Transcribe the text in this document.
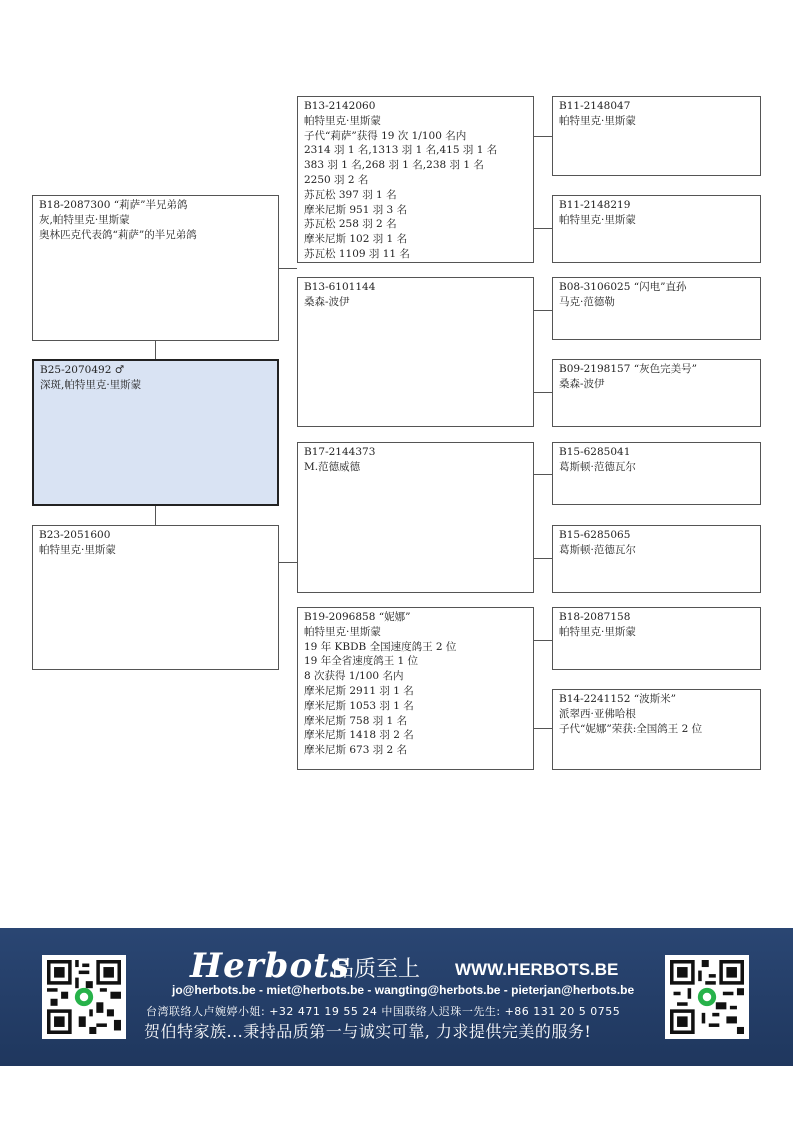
B18-2087300 “莉萨”半兄弟鸽
灰,帕特里克·里斯蒙
奥林匹克代表鸽“莉萨”的半兄弟鸽
B25-2070492 ♂
深斑,帕特里克·里斯蒙
B23-2051600
帕特里克·里斯蒙
B13-2142060
帕特里克·里斯蒙
子代“莉萨”获得 19 次 1/100 名内
2314 羽 1 名,1313 羽 1 名,415 羽 1 名
383 羽 1 名,268 羽 1 名,238 羽 1 名
2250 羽 2 名
苏瓦松 397 羽 1 名
摩米尼斯 951 羽 3 名
苏瓦松 258 羽 2 名
摩米尼斯 102 羽 1 名
苏瓦松 1109 羽 11 名
B13-6101144
桑森-波伊
B17-2144373
M.范德威德
B19-2096858 “妮娜”
帕特里克·里斯蒙
19 年 KBDB 全国速度鸽王 2 位
19 年全省速度鸽王 1 位
8 次获得 1/100 名内
摩米尼斯 2911 羽 1 名
摩米尼斯 1053 羽 1 名
摩米尼斯 758 羽 1 名
摩米尼斯 1418 羽 2 名
摩米尼斯 673 羽 2 名
B11-2148047
帕特里克·里斯蒙
B11-2148219
帕特里克·里斯蒙
B08-3106025 “闪电”直孙
马克·范德勒
B09-2198157 “灰色完美号”
桑森-波伊
B15-6285041
葛斯顿·范德瓦尔
B15-6285065
葛斯顿·范德瓦尔
B18-2087158
帕特里克·里斯蒙
B14-2241152 “波斯米”
派翠西·亚佛哈根
子代“妮娜”荣获:全国鸽王 2 位
Herbots
品质至上 WWW.HERBOTS.BE
jo@herbots.be - miet@herbots.be - wangting@herbots.be - pieterjan@herbots.be
台湾联络人卢婉婷小姐: +32 471 19 55 24 中国联络人迟珠一先生: +86 131 20 5 0755
贺伯特家族...秉持品质第一与诚实可靠, 力求提供完美的服务!
